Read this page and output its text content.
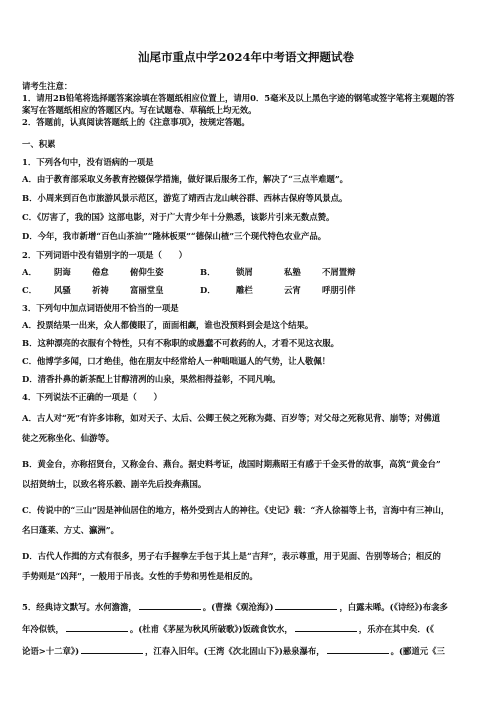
汕尾市重点中学2024年中考语文押题试卷

请考生注意：

1．请用2B铅笔将选择题答案涂填在答题纸相应位置上，请用0．5毫米及以上黑色字迹的钢笔或签字笔将主观题的答

案写在答题纸相应的答题区内。写在试题卷、草稿纸上均无效。

2．答题前，认真阅读答题纸上的《注意事项》，按规定答题。

一、积累

1．下列各句中，没有语病的一项是

A．由于教育部采取义务教育控辍保学措施，做好课后服务工作，解决了“三点半难题”。

B．小周来到百色市旅游风景示范区，游览了靖西古龙山峡谷群、西林古保府等风景点。

C．《厉害了，我的国》这部电影，对于广大青少年十分熟悉，该影片引来无数点赞。

D．今年，我市新增“百色山茶油”“隆林板栗”“德保山楂”三个现代特色农业产品。

2．下列词语中没有错别字的一项是（　　）

A．	阴诲	倦怠	俯仰生姿	B．	锁屑	私塾	不屑置辩
C．	风骚	祈祷	富丽堂皇	D．	雕栏	云宵	呼朋引伴

3．下列句中加点词语使用不恰当的一项是

A．投票结果一出来，众人都傻眼了，面面相觑，谁也没预料到会是这个结果。

B．这种漂亮的衣服有个特性，只有不称职的或愚蠢不可救药的人，才看不见这衣服。

C．他博学多闻，口才绝佳，他在朋友中经常给人一种咄咄逼人的气势，让人敬佩！

D．清香扑鼻的新茶配上甘醇清冽的山泉，果然相得益彰，不同凡响。

4．下列说法不正确的一项是（　　）

A．古人对“死”有许多讳称，如对天子、太后、公卿王侯之死称为薨、百岁等；对父母之死称见背、崩等；对佛道
徒之死称坐化、仙游等。
B．黄金台，亦称招贤台，又称金台、燕台。据史料考证，战国时期燕昭王有感于千金买骨的故事，高筑“黄金台”
以招贤纳士，以致名将乐毅、剧辛先后投奔燕国。
C．传说中的“三山”因是神仙居住的地方，格外受到古人的神往。《史记》载：“齐人徐福等上书，言海中有三神山，
名曰蓬莱、方丈、瀛洲”。
D．古代人作揖的方式有很多，男子右手握拳左手包于其上是“吉拜”，表示尊重，用于见面、告别等场合；相反的
手势则是“凶拜”，一般用于吊丧。女性的手势和男性是相反的。
5．经典诗文默写。水何澹澹，	。(曹操《观沧海》)	，白露未晞。(《诗经》)布衾多
年冷似铁，	。(杜甫《茅屋为秋风所破歌》)饭疏食饮水，	，乐亦在其中矣．(《
论语>十二章》)	，江春入旧年。(王湾《次北固山下》)悬泉瀑布，	。(郦道元《三
